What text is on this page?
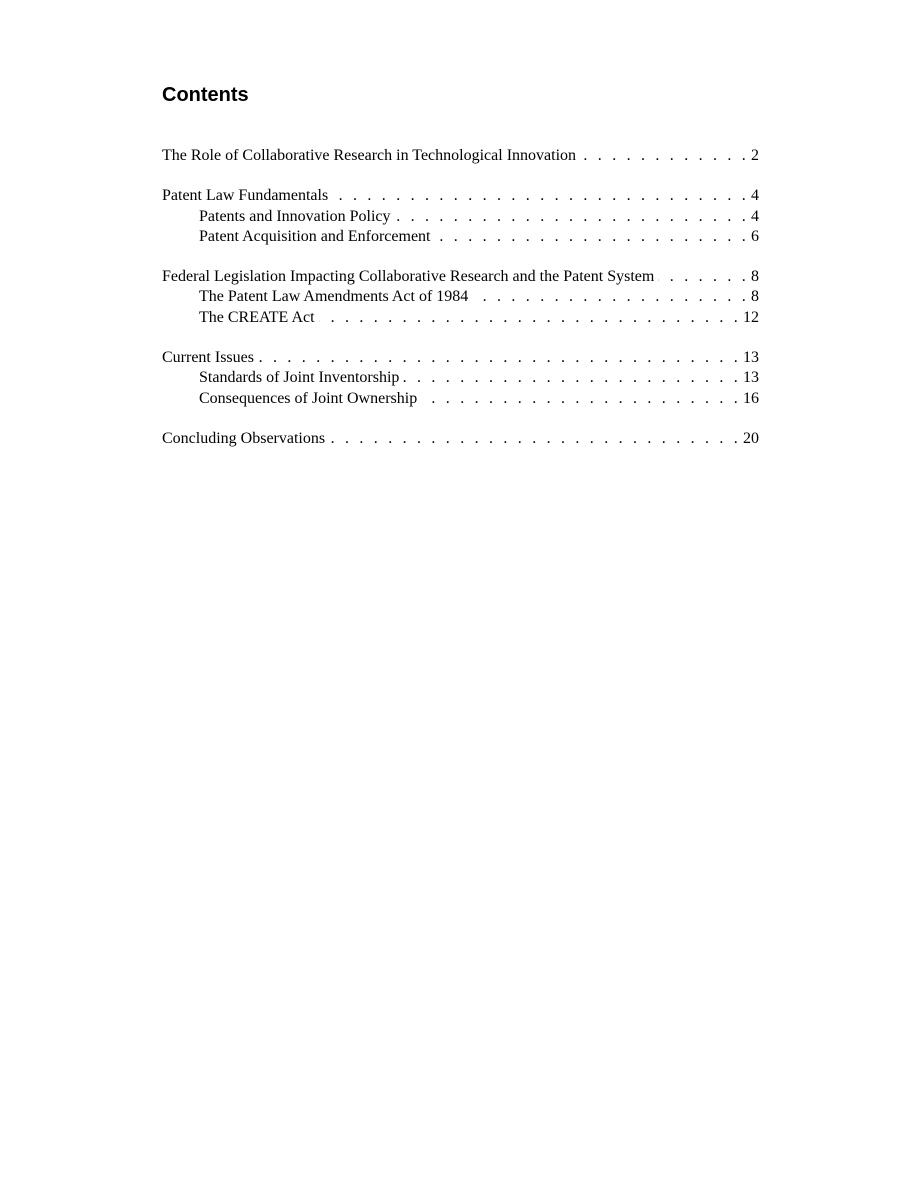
Contents
The Role of Collaborative Research in Technological Innovation . . .	2
Patent Law Fundamentals . . .	4
Patents and Innovation Policy . . .	4
Patent Acquisition and Enforcement . . .	6
Federal Legislation Impacting Collaborative Research and the Patent System . . .	8
The Patent Law Amendments Act of 1984 . . .	8
The CREATE Act . . .	12
Current Issues . . .	13
Standards of Joint Inventorship . . .	13
Consequences of Joint Ownership . . .	16
Concluding Observations . . .	20
